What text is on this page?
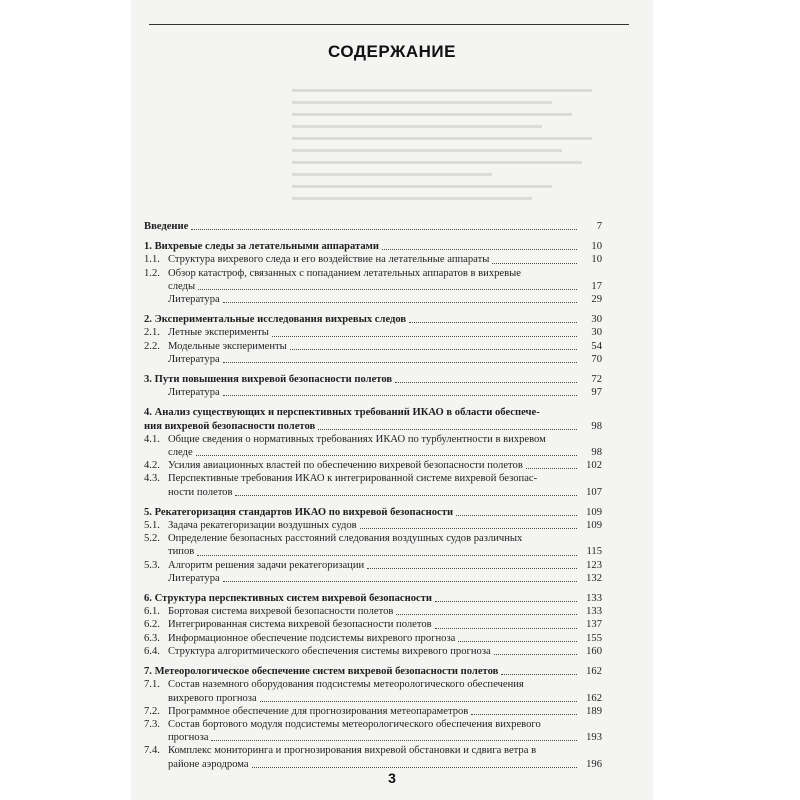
СОДЕРЖАНИЕ
Введение	7
1. Вихревые следы за летательными аппаратами	10
1.1. Структура вихревого следа и его воздействие на летательные аппараты	10
1.2. Обзор катастроф, связанных с попаданием летательных аппаратов в вихревые
следы	17
Литература	29
2. Экспериментальные исследования вихревых следов	30
2.1. Летные эксперименты	30
2.2. Модельные эксперименты	54
Литература	70
3. Пути повышения вихревой безопасности полетов	72
Литература	97
4. Анализ существующих и перспективных требований ИКАО в области обеспече-
ния вихревой безопасности полетов	98
4.1. Общие сведения о нормативных требованиях ИКАО по турбулентности в вихревом
следе	98
4.2. Усилия авиационных властей по обеспечению вихревой безопасности полетов	102
4.3. Перспективные требования ИКАО к интегрированной системе вихревой безопас-
ности полетов	107
5. Рекатегоризация стандартов ИКАО по вихревой безопасности	109
5.1. Задача рекатегоризации воздушных судов	109
5.2. Определение безопасных расстояний следования воздушных судов различных
типов	115
5.3. Алгоритм решения задачи рекатегоризации	123
Литература	132
6. Структура перспективных систем вихревой безопасности	133
6.1. Бортовая система вихревой безопасности полетов	133
6.2. Интегрированная система вихревой безопасности полетов	137
6.3. Информационное обеспечение подсистемы вихревого прогноза	155
6.4. Структура алгоритмического обеспечения системы вихревого прогноза	160
7. Метеорологическое обеспечение систем вихревой безопасности полетов	162
7.1. Состав наземного оборудования подсистемы метеорологического обеспечения
вихревого прогноза	162
7.2. Программное обеспечение для прогнозирования метеопараметров	189
7.3. Состав бортового модуля подсистемы метеорологического обеспечения вихревого
прогноза	193
7.4. Комплекс мониторинга и прогнозирования вихревой обстановки и сдвига ветра в
районе аэродрома	196
3
